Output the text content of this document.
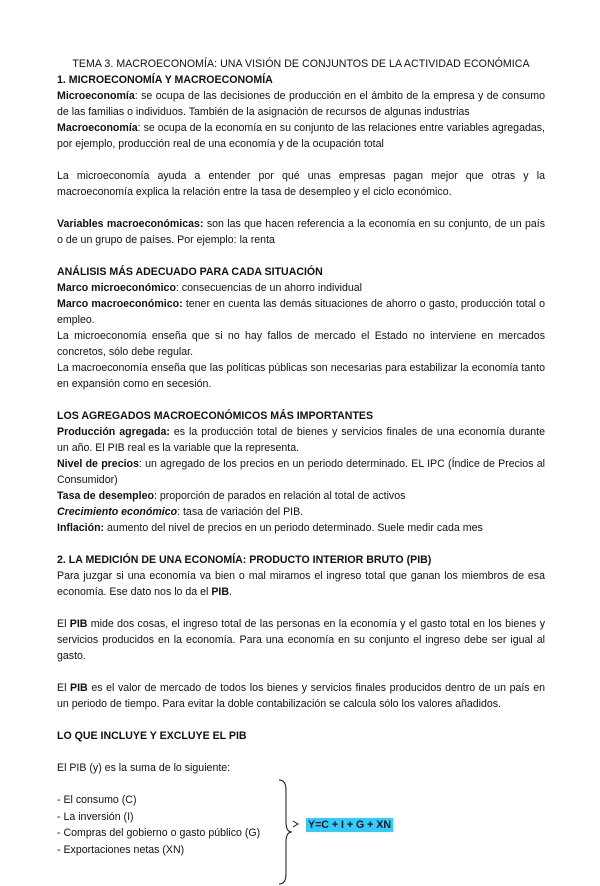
TEMA 3. MACROECONOMÍA: UNA VISIÓN DE CONJUNTOS DE LA ACTIVIDAD ECONÓMICA
1. MICROECONOMÍA Y MACROECONOMÍA

Microeconomía: se ocupa de las decisiones de producción en el ámbito de la empresa y de consumo de las familias o individuos. También de la asignación de recursos de algunas industrias

Macroeconomía: se ocupa de la economía en su conjunto de las relaciones entre variables agregadas, por ejemplo, producción real de una economía y de la ocupación total

La microeconomía ayuda a entender por qué unas empresas pagan mejor que otras y la macroeconomía explica la relación entre la tasa de desempleo y el ciclo económico.

Variables macroeconómicas: son las que hacen referencia a la economía en su conjunto, de un país o de un grupo de países. Por ejemplo: la renta

ANÁLISIS MÁS ADECUADO PARA CADA SITUACIÓN

Marco microeconómico: consecuencias de un ahorro individual

Marco macroeconómico: tener en cuenta las demás situaciones de ahorro o gasto, producción total o empleo.

La microeconomía enseña que si no hay fallos de mercado el Estado no interviene en mercados concretos, sólo debe regular.

La macroeconomía enseña que las políticas públicas son necesarias para estabilizar la economía tanto en expansión como en secesión.

LOS AGREGADOS MACROECONÓMICOS MÁS IMPORTANTES

Producción agregada: es la producción total de bienes y servicios finales de una economía durante un año. El PIB real es la variable que la representa.

Nivel de precios: un agregado de los precios en un periodo determinado. EL IPC (Índice de Precios al Consumidor)

Tasa de desempleo: proporción de parados en relación al total de activos

Crecimiento económico: tasa de variación del PIB.

Inflación: aumento del nivel de precios en un periodo determinado. Suele medir cada mes

2. LA MEDICIÓN DE UNA ECONOMÍA: PRODUCTO INTERIOR BRUTO (PIB)

Para juzgar si una economía va bien o mal miramos el ingreso total que ganan los miembros de esa economía. Ese dato nos lo da el PIB.

El PIB mide dos cosas, el ingreso total de las personas en la economía y el gasto total en los bienes y servicios producidos en la economía. Para una economía en su conjunto el ingreso debe ser igual al gasto.

El PIB es el valor de mercado de todos los bienes y servicios finales producidos dentro de un país en un periodo de tiempo. Para evitar la doble contabilización se calcula sólo los valores añadidos.

LO QUE INCLUYE Y EXCLUYE EL PIB

El PIB (y) es la suma de lo siguiente:

- El consumo (C)
- La inversión (I)
- Compras del gobierno o gasto público (G)
- Exportaciones netas (XN)
Y=C + I + G + XN
